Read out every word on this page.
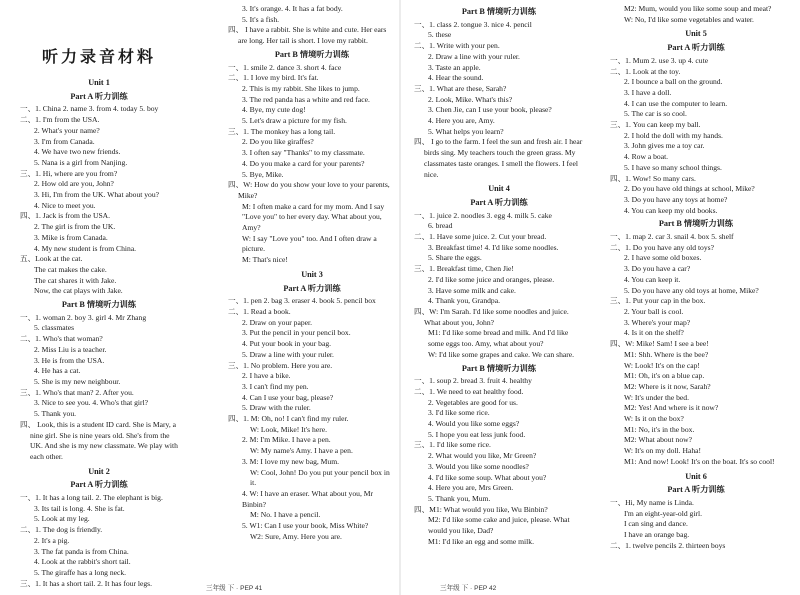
听力录音材料

Unit 1

Part A 听力训练

一、1. China 2. name 3. from 4. today 5. boy

二、1. I'm from the USA.

2. What's your name?

3. I'm from Canada.

4. We have two new friends.

5. Nana is a girl from Nanjing.

三、1. Hi, where are you from?

2. How old are you, John?

3. Hi, I'm from the UK. What about you?

4. Nice to meet you.

四、1. Jack is from the USA.

2. The girl is from the UK.

3. Mike is from Canada.

4. My new student is from China.

五、Look at the cat.

The cat makes the cake.

The cat shares it with Jake.

Now, the cat plays with Jake.

Part B 情境听力训练

一、1. woman 2. boy 3. girl 4. Mr Zhang

5. classmates

二、1. Who's that woman?

2. Miss Liu is a teacher.

3. He is from the USA.

4. He has a cat.

5. She is my new neighbour.

三、1. Who's that man? 2. After you.

3. Nice to see you. 4. Who's that girl?

5. Thank you.

四、 Look, this is a student ID card. She is Mary, a nine girl. She is nine years old. She's from the UK. And she is my new classmate. We play with each other.

Unit 2

Part A 听力训练

一、1. It has a long tail. 2. The elephant is big.

3. Its tail is long. 4. She is fat.

5. Look at my leg.

二、1. The dog is friendly.

2. It's a pig.

3. The fat panda is from China.

4. Look at the rabbit's short tail.

5. The giraffe has a long neck.

三、1. It has a short tail. 2. It has four legs.

3. It's orange. 4. It has a fat body.

5. It's a fish.

四、 I have a rabbit. She is white and cute. Her ears are long. Her tail is short. I love my rabbit.

Part B 情境听力训练

一、1. smile 2. dance 3. short 4. face

二、1. I love my bird. It's fat.

2. This is my rabbit. She likes to jump.

3. The red panda has a white and red face.

4. Bye, my cute dog!

5. Let's draw a picture for my fish.

三、1. The monkey has a long tail.

2. Do you like giraffes?

3. I often say "Thanks" to my classmate.

4. Do you make a card for your parents?

5. Bye, Mike.

四、W: How do you show your love to your parents, Mike?

M: I often make a card for my mom. And I say "Love you" to her every day. What about you, Amy?

W: I say "Love you" too. And I often draw a picture.

M: That's nice!

Unit 3

Part A 听力训练

一、1. pen 2. bag 3. eraser 4. book 5. pencil box

二、1. Read a book.

2. Draw on your paper.

3. Put the pencil in your pencil box.

4. Put your book in your bag.

5. Draw a line with your ruler.

三、1. No problem. Here you are.

2. I have a bike.

3. I can't find my pen.

4. Can I use your bag, please?

5. Draw with the ruler.

四、1. M: Oh, no! I can't find my ruler.

W: Look, Mike! It's here.

2. M: I'm Mike. I have a pen.

W: My name's Amy. I have a pen.

3. M: I love my new bag, Mum.

W: Cool, John! Do you put your pencil box in it.

4. W: I have an eraser. What about you, Mr Binbin?

M: No. I have a pencil.

5. W1: Can I use your book, Miss White?

W2: Sure, Amy. Here you are.

三年级 下 · PEP 41

Part B 情境听力训练

一、1. class 2. tongue 3. nice 4. pencil

5. these

二、1. Write with your pen.

2. Draw a line with your ruler.

3. Taste an apple.

4. Hear the sound.

三、1. What are these, Sarah?

2. Look, Mike. What's this?

3. Chen Jie, can I use your book, please?

4. Here you are, Amy.

5. What helps you learn?

四、 I go to the farm. I feel the sun and fresh air. I hear birds sing. My teachers touch the green grass. My classmates taste oranges. I smell the flowers. I feel nice.

Unit 4

Part A 听力训练

一、1. juice 2. noodles 3. egg 4. milk 5. cake

6. bread

二、1. Have some juice. 2. Cut your bread.

3. Breakfast time! 4. I'd like some noodles.

5. Share the eggs.

三、1. Breakfast time, Chen Jie!

2. I'd like some juice and oranges, please.

3. Have some milk and cake.

4. Thank you, Grandpa.

四、W: I'm Sarah. I'd like some noodles and juice. What about you, John?

M1: I'd like some bread and milk. And I'd like some eggs too. Amy, what about you?

W: I'd like some grapes and cake. We can share.

Part B 情境听力训练

一、1. soup 2. bread 3. fruit 4. healthy

二、1. We need to eat healthy food.

2. Vegetables are good for us.

3. I'd like some rice.

4. Would you like some eggs?

5. I hope you eat less junk food.

三、1. I'd like some rice.

2. What would you like, Mr Green?

3. Would you like some noodles?

4. I'd like some soup. What about you?

4. Here you are, Mrs Green.

5. Thank you, Mum.

四、M1: What would you like, Wu Binbin?

M2: I'd like some cake and juice, please. What would you like, Dad?

M1: I'd like an egg and some milk.

M2: Mum, would you like some soup and meat?

W: No, I'd like some vegetables and water.

Unit 5

Part A 听力训练

一、1. Mum 2. use 3. up 4. cute

二、1. Look at the toy.

2. I bounce a ball on the ground.

3. I have a doll.

4. I can use the computer to learn.

5. The car is so cool.

三、1. You can keep my ball.

2. I hold the doll with my hands.

3. John gives me a toy car.

4. Row a boat.

5. I have so many school things.

四、1. Wow! So many cars.

2. Do you have old things at school, Mike?

3. Do you have any toys at home?

4. You can keep my old books.

Part B 情境听力训练

一、1. map 2. car 3. snail 4. box 5. shelf

二、1. Do you have any old toys?

2. I have some old boxes.

3. Do you have a car?

4. You can keep it.

5. Do you have any old toys at home, Mike?

三、1. Put your cap in the box.

2. Your ball is cool.

3. Where's your map?

4. Is it on the shelf?

四、W: Mike! Sam! I see a bee!

M1: Shh. Where is the bee?

W: Look! It's on the cap!

M1: Oh, it's on a blue cap.

M2: Where is it now, Sarah?

W: It's under the bed.

M2: Yes! And where is it now?

W: Is it on the box?

M1: No, it's in the box.

M2: What about now?

W: It's on my doll. Haha!

M1: And now! Look! It's on the boat. It's so cool!

Unit 6

Part A 听力训练

一、Hi, My name is Linda.

I'm an eight-year-old girl.

I can sing and dance.

I have an orange bag.

二、1. twelve pencils 2. thirteen boys

三年级 下 · PEP 42
